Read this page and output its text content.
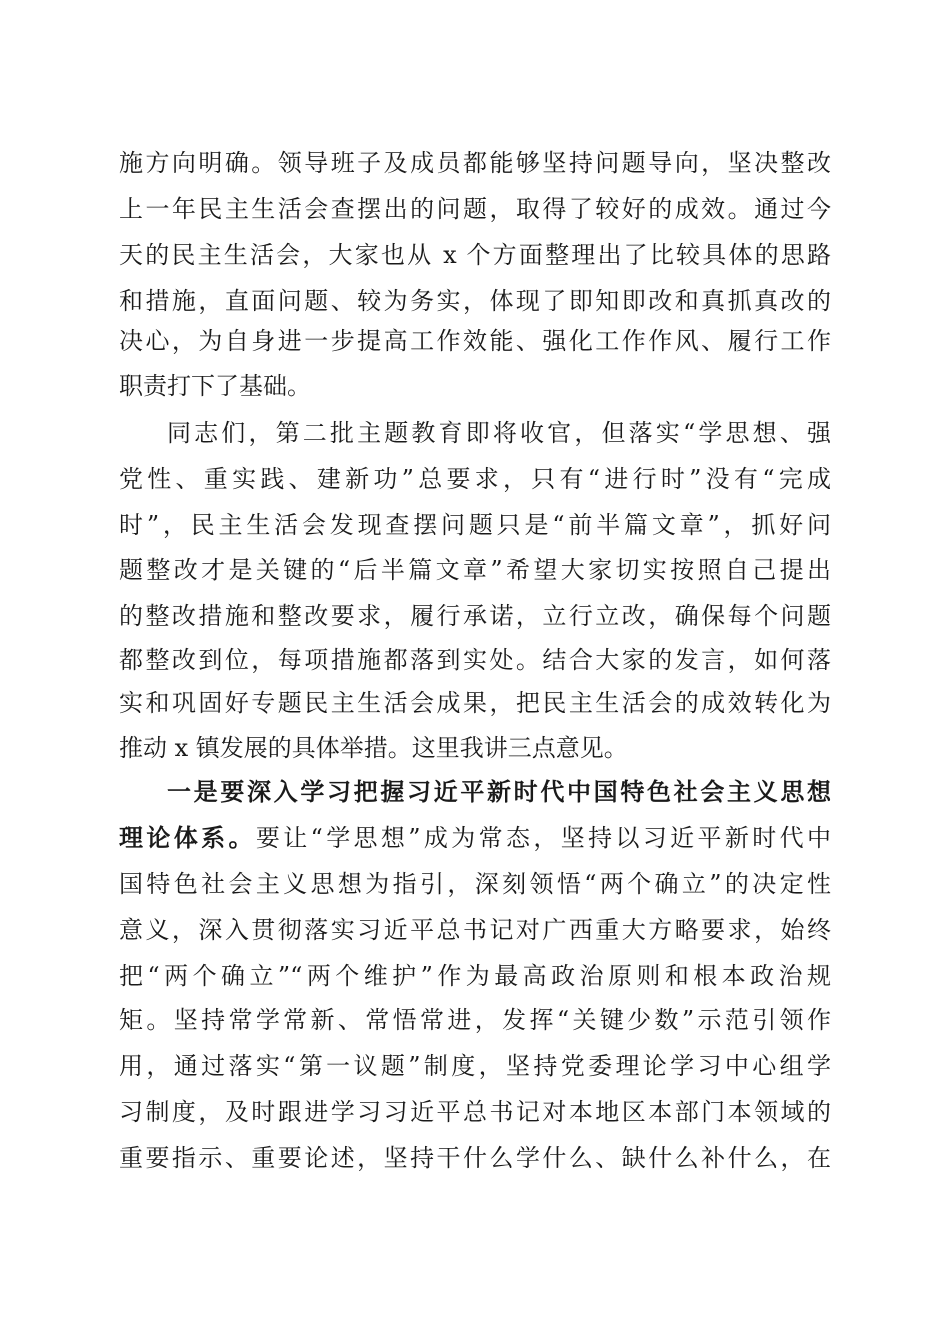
施方向明确。领导班子及成员都能够坚持问题导向，坚决整改
上一年民主生活会查摆出的问题，取得了较好的成效。通过今
天的民主生活会，大家也从 x 个方面整理出了比较具体的思路
和措施，直面问题、较为务实，体现了即知即改和真抓真改的
决心，为自身进一步提高工作效能、强化工作作风、履行工作
职责打下了基础。
同志们，第二批主题教育即将收官，但落实“学思想、强
党性、重实践、建新功”总要求，只有“进行时”没有“完成
时”，民主生活会发现查摆问题只是“前半篇文章”，抓好问
题整改才是关键的“后半篇文章”希望大家切实按照自己提出
的整改措施和整改要求，履行承诺，立行立改，确保每个问题
都整改到位，每项措施都落到实处。结合大家的发言，如何落
实和巩固好专题民主生活会成果，把民主生活会的成效转化为
推动 x 镇发展的具体举措。这里我讲三点意见。
一是要深入学习把握习近平新时代中国特色社会主义思想
理论体系。要让“学思想”成为常态，坚持以习近平新时代中
国特色社会主义思想为指引，深刻领悟“两个确立”的决定性
意义，深入贯彻落实习近平总书记对广西重大方略要求，始终
把“两个确立”“两个维护”作为最高政治原则和根本政治规
矩。坚持常学常新、常悟常进，发挥“关键少数”示范引领作
用，通过落实“第一议题”制度，坚持党委理论学习中心组学
习制度，及时跟进学习习近平总书记对本地区本部门本领域的
重要指示、重要论述，坚持干什么学什么、缺什么补什么，在
